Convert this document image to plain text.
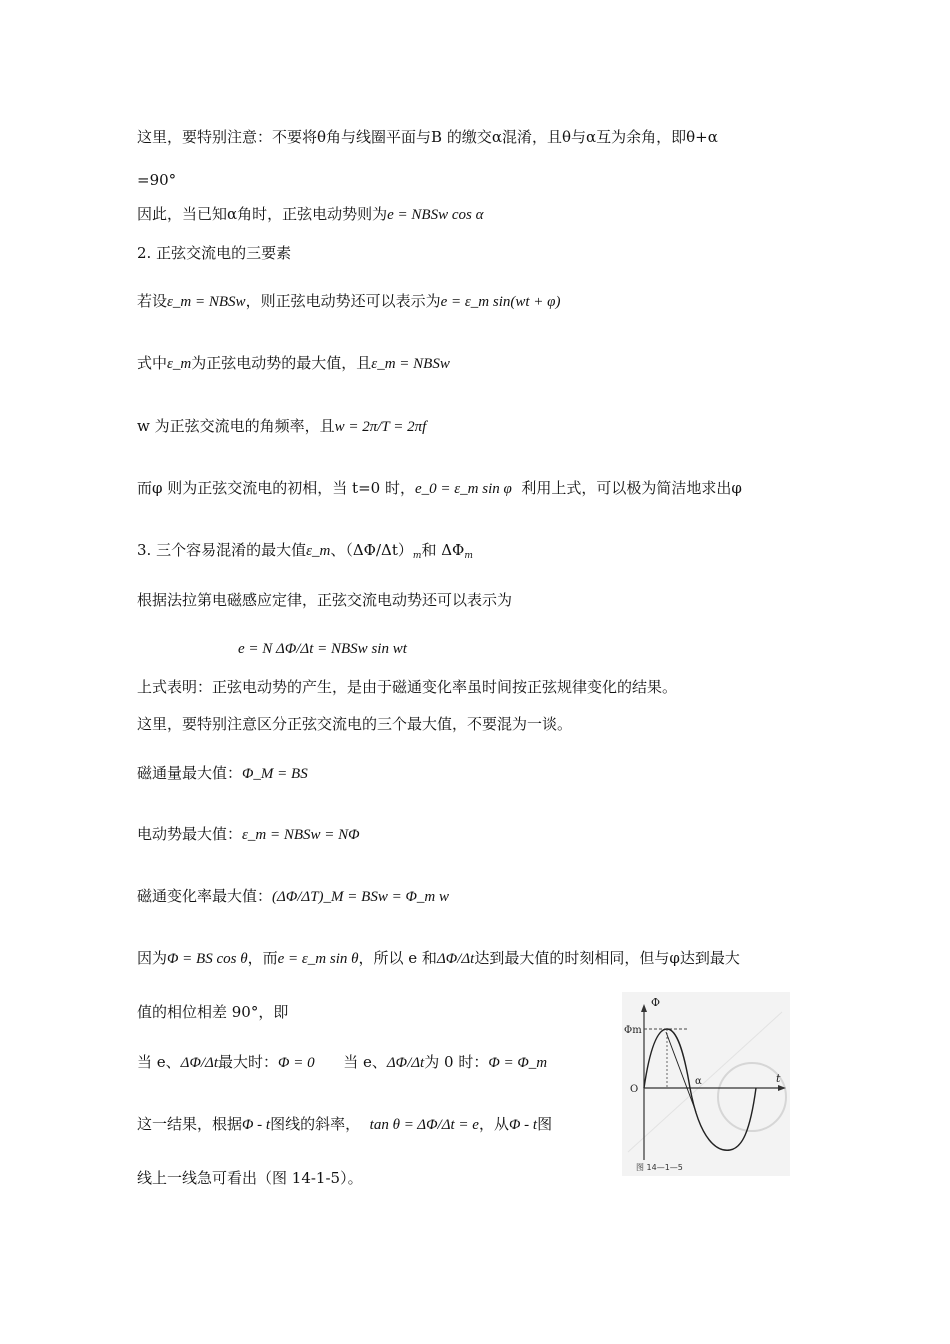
这里，要特别注意：不要将θ角与线圈平面与B 的缴交α混淆，且θ与α互为余角，即θ+α
=90°
因此，当已知α角时，正弦电动势则为e = NBSw cos α
2. 正弦交流电的三要素
若设ε_m = NBSw，则正弦电动势还可以表示为e = ε_m sin(wt + φ)
式中ε_m为正弦电动势的最大值，且ε_m = NBSw
w 为正弦交流电的角频率，且w = 2π/T = 2πf
而φ 则为正弦交流电的初相，当 t=0 时，e_0 = ε_m sin φ 利用上式，可以极为简洁地求出φ
3. 三个容易混淆的最大值ε_m、$(\Delta\Phi/\Delta t)_m$和 $\Delta\Phi_m$
根据法拉第电磁感应定律，正弦交流电动势还可以表示为
e = N ΔΦ/Δt = NBSw sin wt
上式表明：正弦电动势的产生，是由于磁通变化率虽时间按正弦规律变化的结果。
这里，要特别注意区分正弦交流电的三个最大值，不要混为一谈。
磁通量最大值：Φ_M = BS
电动势最大值：ε_m = NBSw = NΦ
磁通变化率最大值：(ΔΦ/ΔT)_M = BSw = Φ_m w
因为Φ = BS cos θ，而e = ε_m sin θ，所以 e 和ΔΦ/Δt达到最大值的时刻相同，但与φ达到最大
值的相位相差 90°，即
当 e、ΔΦ/Δt最大时：Φ = 0 当 e、ΔΦ/Δt为 0 时：Φ = Φ_m
这一结果，根据Φ - t图线的斜率， tan θ = ΔΦ/Δt = e，从Φ - t图
线上一线急可看出（图 14-1-5）。
Φ
Φm
O
t
α
图 14—1—5
